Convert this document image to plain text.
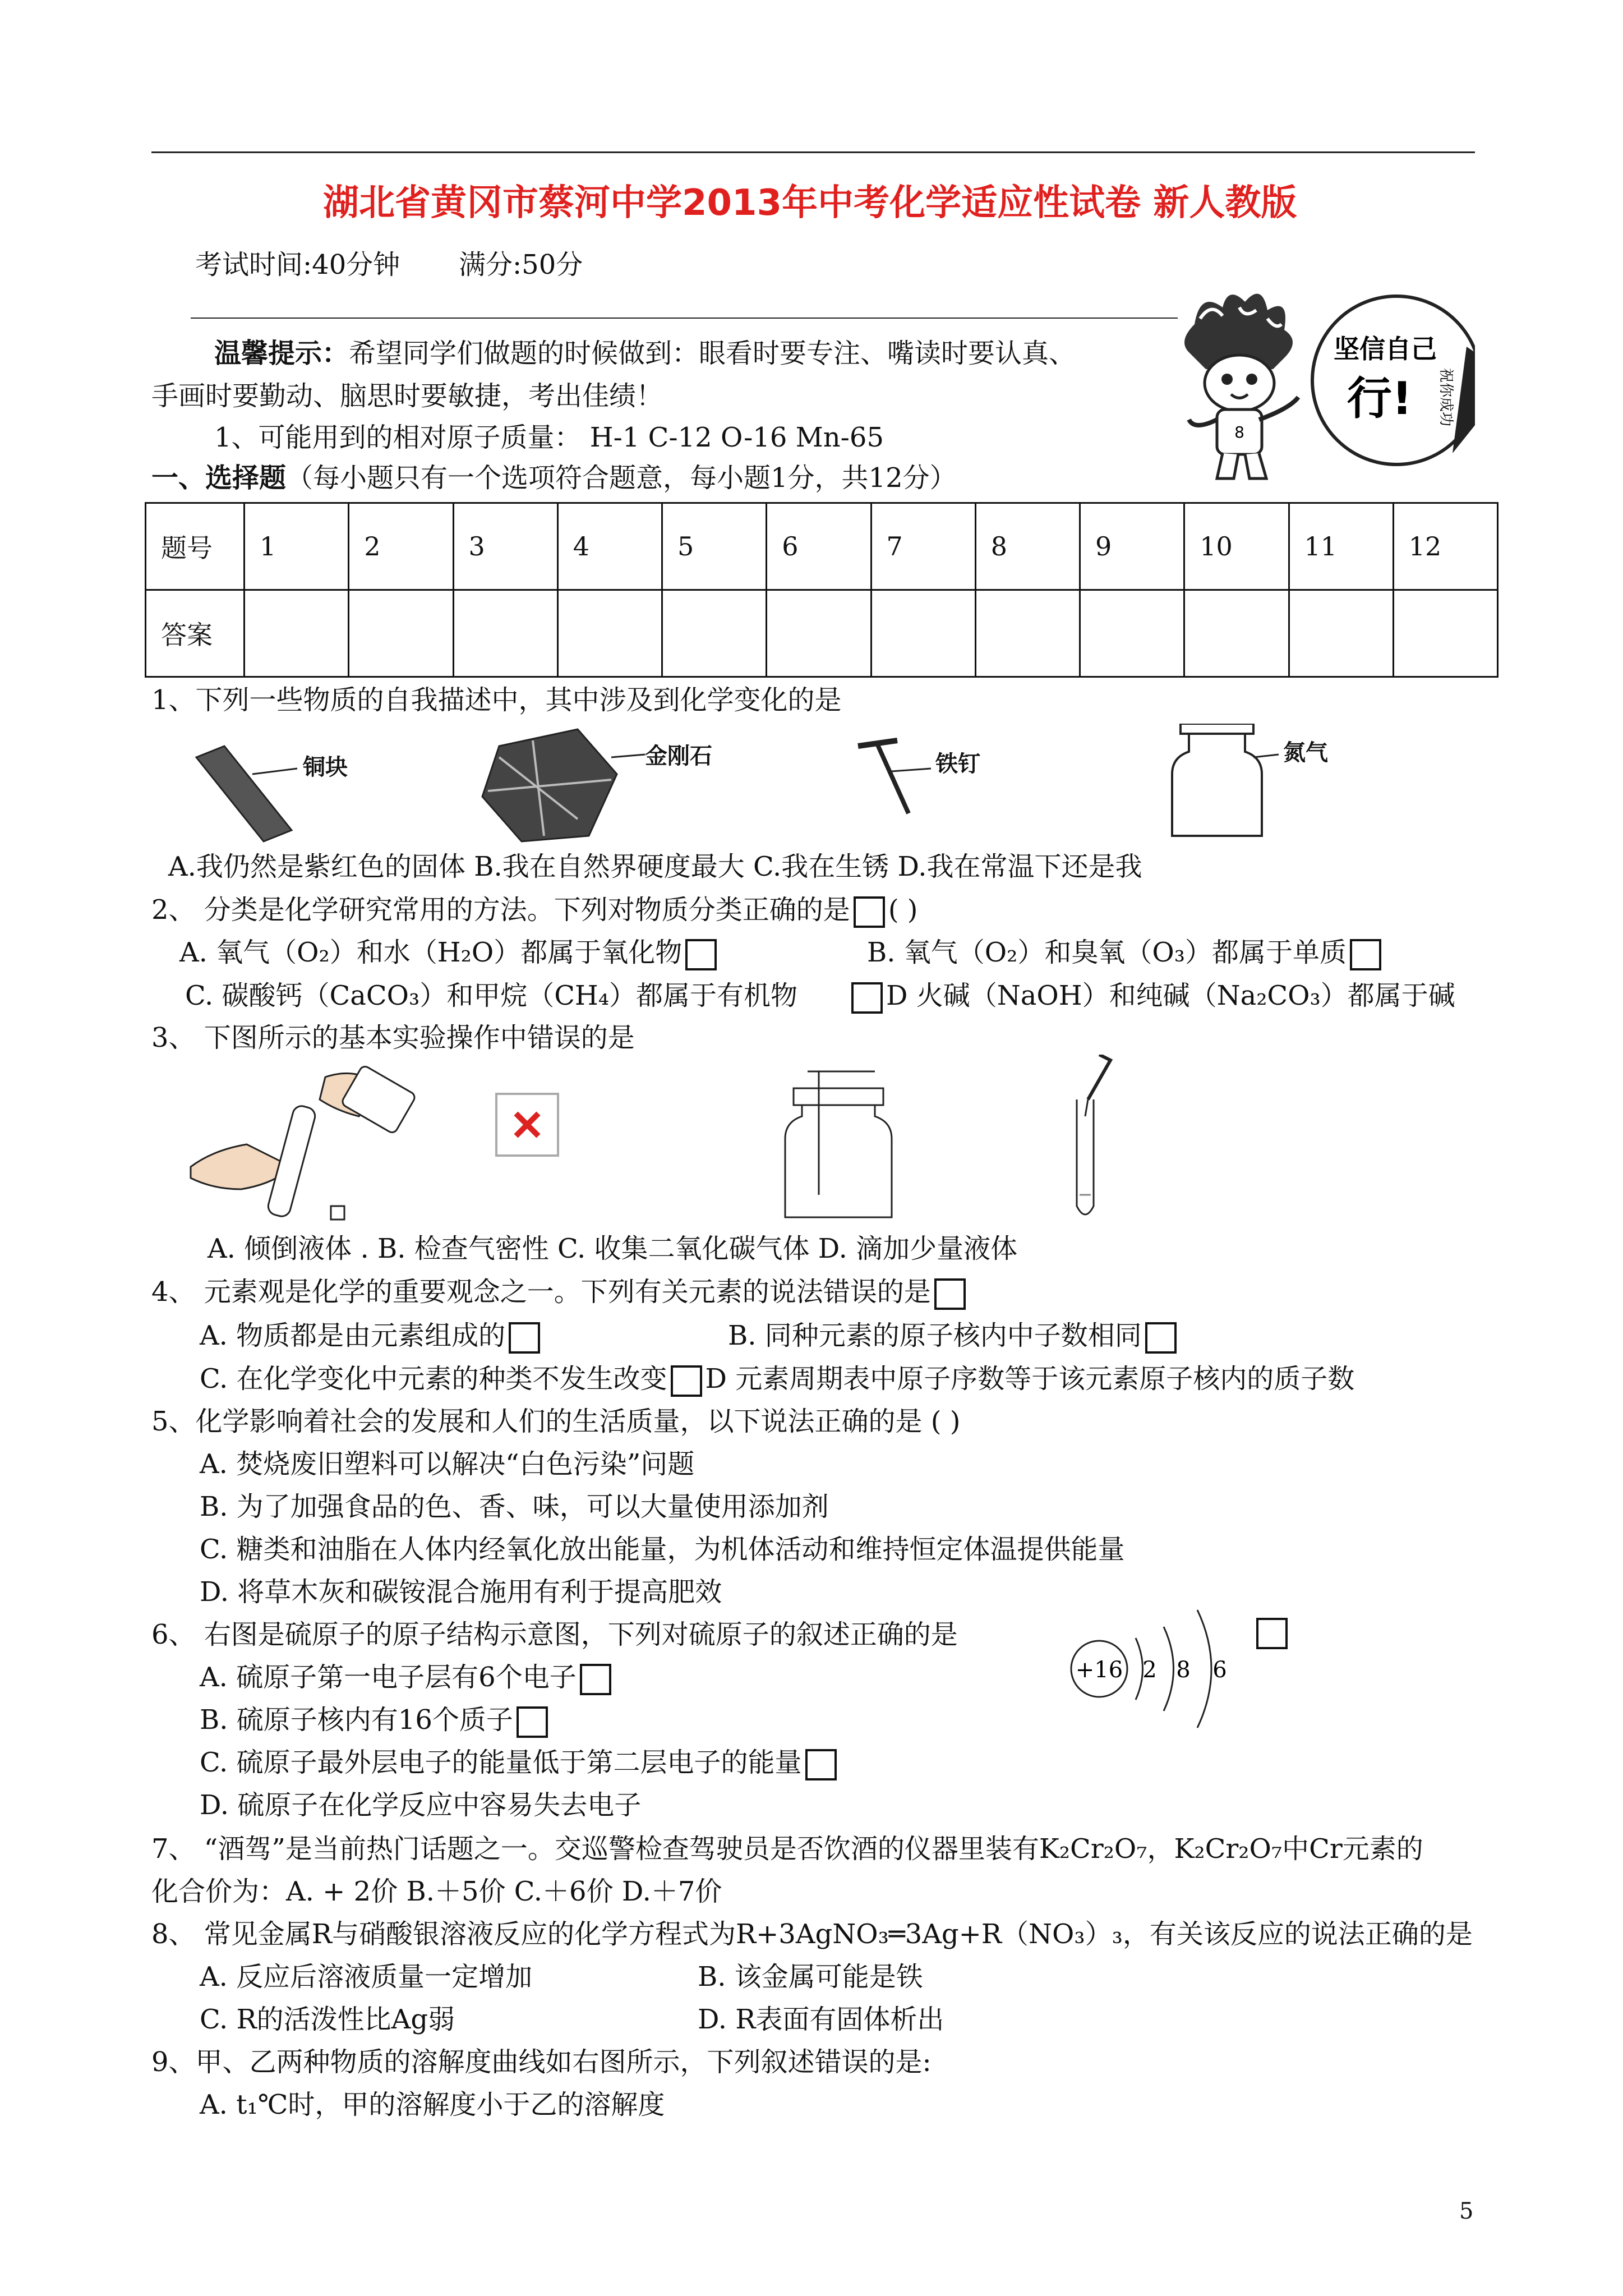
湖北省黄冈市蔡河中学2013年中考化学适应性试卷 新人教版
考试时间:40分钟 满分:50分
温馨提示：希望同学们做题的时候做到：眼看时要专注、嘴读时要认真、
手画时要勤动、脑思时要敏捷，考出佳绩！
1、可能用到的相对原子质量： H-1 C-12 O-16 Mn-65	8
坚信自己
行! 祝你成功
一、选择题（每小题只有一个选项符合题意，每小题1分，共12分）
题号	1	2	3	4	5	6	7	8	9	10	11	12
答案												
1、下列一些物质的自我描述中，其中涉及到化学变化的是
铜块	金刚石	铁钉	氮气
A.我仍然是紫红色的固体 B.我在自然界硬度最大 C.我在生锈 D.我在常温下还是我
2、 分类是化学研究常用的方法。下列对物质分类正确的是 ( )
A. 氧气（O₂）和水（H₂O）都属于氧化物	B. 氧气（O₂）和臭氧（O₃）都属于单质
C. 碳酸钙（CaCO₃）和甲烷（CH₄）都属于有机物	D 火碱（NaOH）和纯碱（Na₂CO₃）都属于碱
3、 下图所示的基本实验操作中错误的是
A. 倾倒液体 . B. 检查气密性 C. 收集二氧化碳气体 D. 滴加少量液体
4、 元素观是化学的重要观念之一。下列有关元素的说法错误的是
A. 物质都是由元素组成的	B. 同种元素的原子核内中子数相同
C. 在化学变化中元素的种类不发生改变 D 元素周期表中原子序数等于该元素原子核内的质子数
5、化学影响着社会的发展和人们的生活质量，以下说法正确的是 ( )
A. 焚烧废旧塑料可以解决“白色污染”问题
B. 为了加强食品的色、香、味，可以大量使用添加剂
C. 糖类和油脂在人体内经氧化放出能量，为机体活动和维持恒定体温提供能量
D. 将草木灰和碳铵混合施用有利于提高肥效
6、 右图是硫原子的原子结构示意图，下列对硫原子的叙述正确的是
A. 硫原子第一电子层有6个电子
B. 硫原子核内有16个质子
C. 硫原子最外层电子的能量低于第二层电子的能量
D. 硫原子在化学反应中容易失去电子
+16 2 8 6
7、 “酒驾”是当前热门话题之一。交巡警检查驾驶员是否饮酒的仪器里装有K₂Cr₂O₇，K₂Cr₂O₇中Cr元素的
化合价为：A. + 2价 B.＋5价 C.＋6价 D.＋7价
8、 常见金属R与硝酸银溶液反应的化学方程式为R+3AgNO₃═3Ag+R（NO₃）₃，有关该反应的说法正确的是
A. 反应后溶液质量一定增加	B. 该金属可能是铁
C. R的活泼性比Ag弱	D. R表面有固体析出
9、甲、乙两种物质的溶解度曲线如右图所示，下列叙述错误的是:
A. t₁℃时，甲的溶解度小于乙的溶解度
5
